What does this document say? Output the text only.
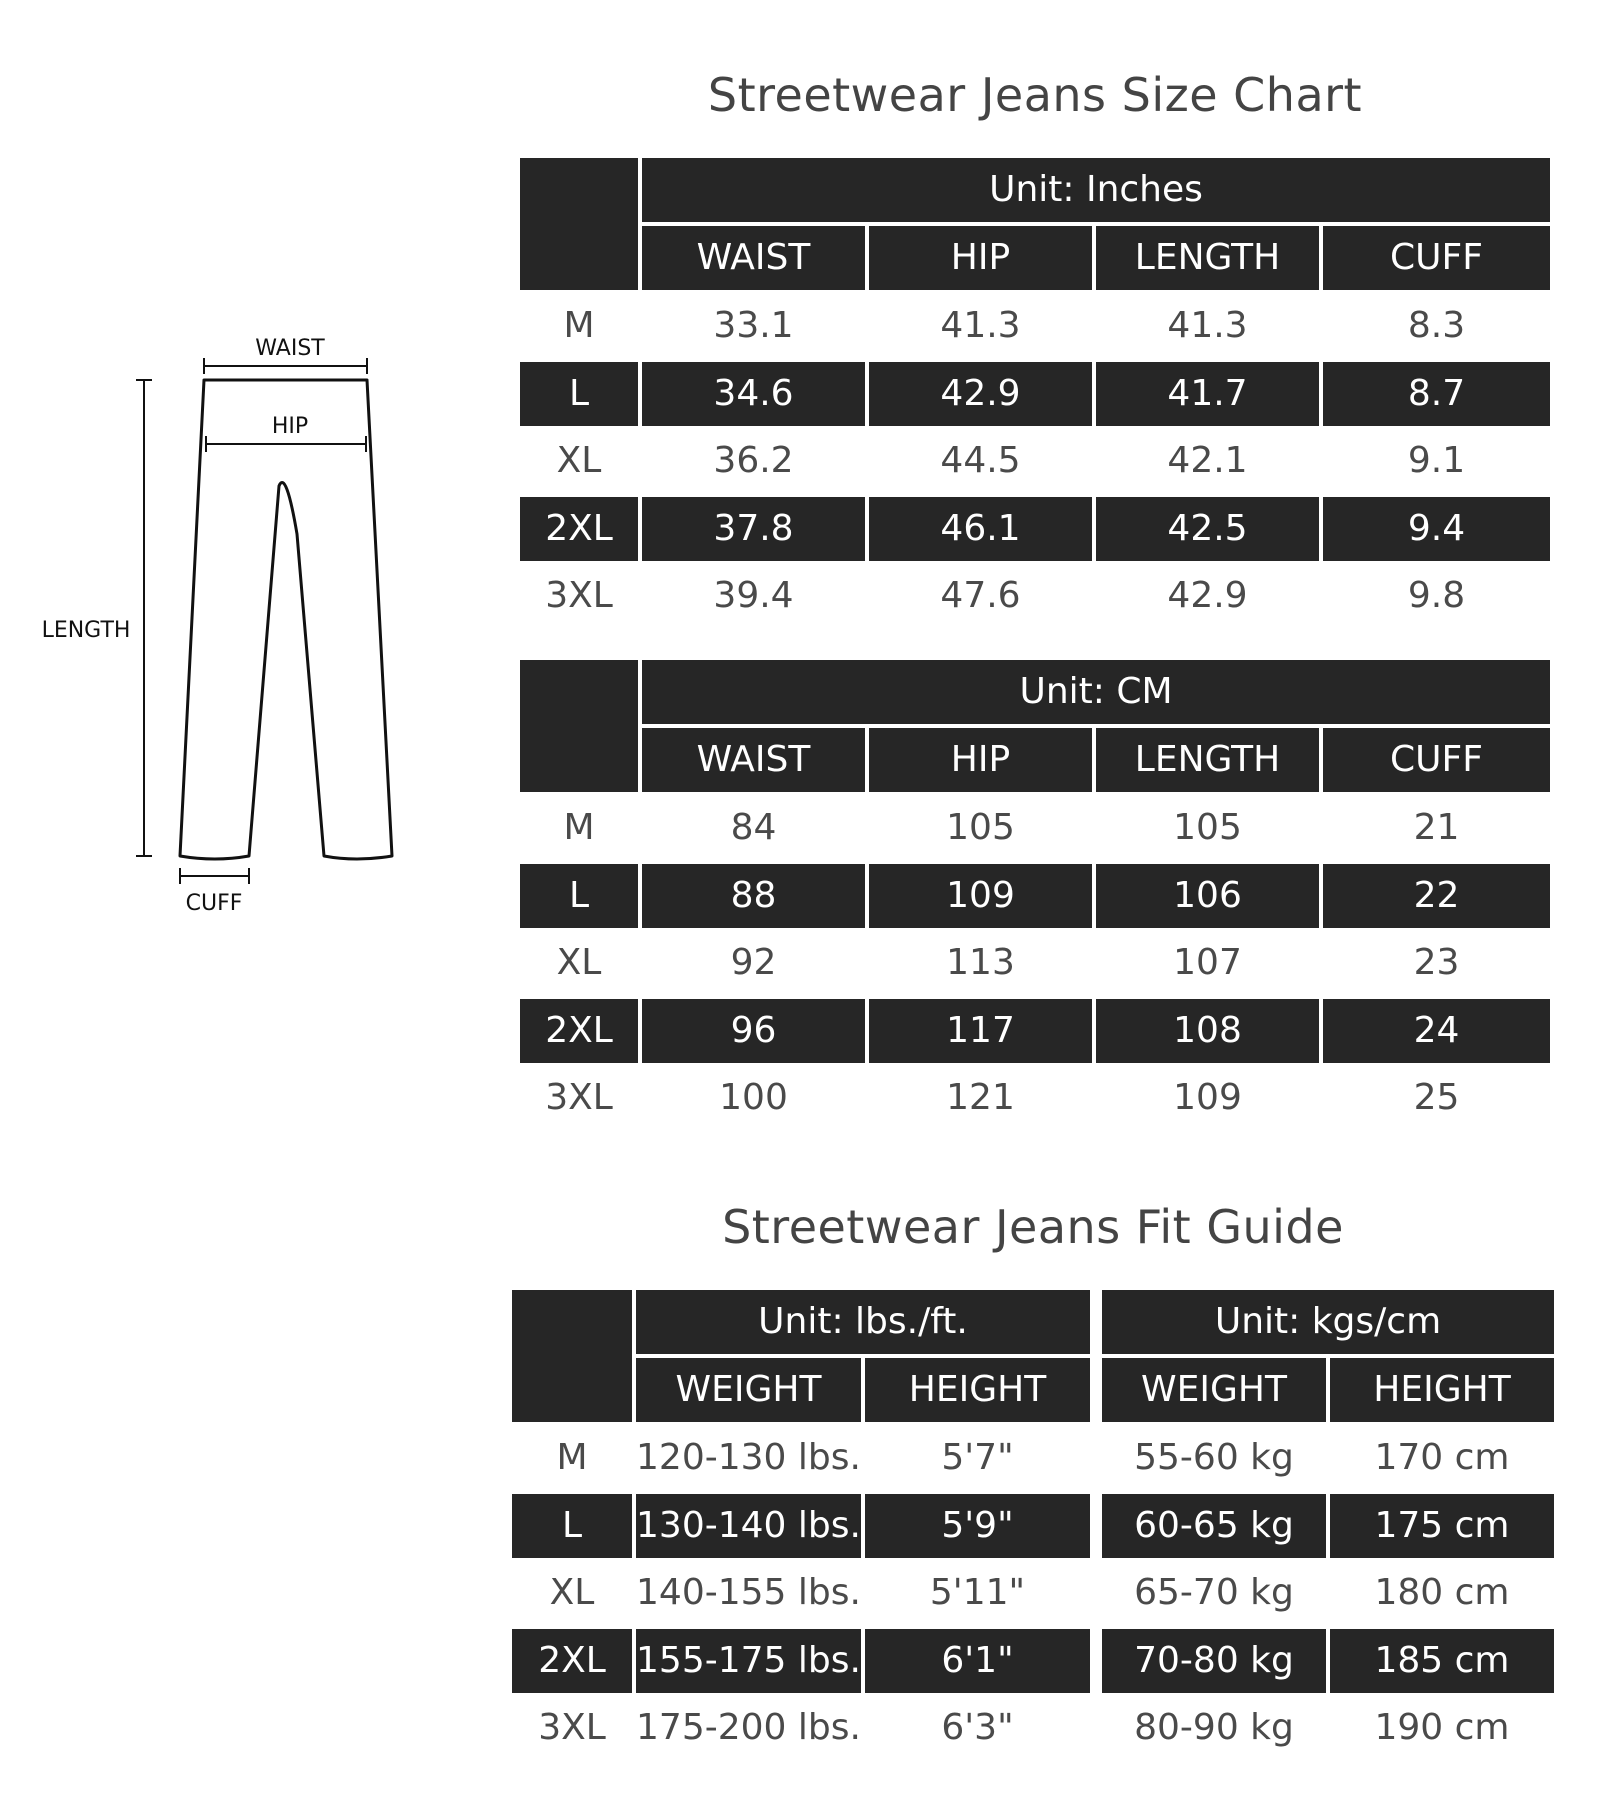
WAIST
HIP
LENGTH
CUFF
Streetwear Jeans Size Chart
Unit: Inches
WAIST	HIP	LENGTH	CUFF
M	33.1	41.3	41.3	8.3
L	34.6	42.9	41.7	8.7
XL	36.2	44.5	42.1	9.1
2XL	37.8	46.1	42.5	9.4
3XL	39.4	47.6	42.9	9.8
Unit: CM
WAIST	HIP	LENGTH	CUFF
M	84	105	105	21
L	88	109	106	22
XL	92	113	107	23
2XL	96	117	108	24
3XL	100	121	109	25
Streetwear Jeans Fit Guide
Unit: lbs./ft.	Unit: kgs/cm
WEIGHT	HEIGHT	WEIGHT	HEIGHT
M	120-130 lbs.	5'7"	55-60 kg	170 cm
L	130-140 lbs.	5'9"	60-65 kg	175 cm
XL	140-155 lbs.	5'11"	65-70 kg	180 cm
2XL 155-175 lbs.	6'1"	70-80 kg	185 cm
3XL 175-200 lbs.	6'3"	80-90 kg	190 cm
